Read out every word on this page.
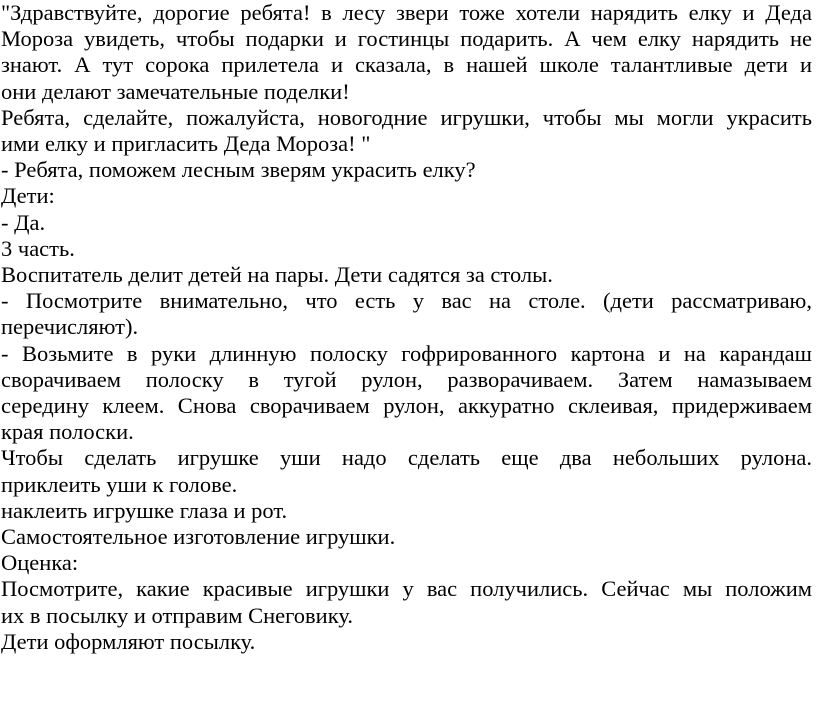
"Здравствуйте, дорогие ребята! в лесу звери тоже хотели нарядить елку и Деда
Мороза увидеть, чтобы подарки и гостинцы подарить. А чем елку нарядить не
знают. А тут сорока прилетела и сказала, в нашей школе талантливые дети и
они делают замечательные поделки!

Ребята, сделайте, пожалуйста, новогодние игрушки, чтобы мы могли украсить
ими елку и пригласить Деда Мороза! "

- Ребята, поможем лесным зверям украсить елку?

Дети:

- Да.

3 часть.

Воспитатель делит детей на пары. Дети садятся за столы.

- Посмотрите внимательно, что есть у вас на столе. (дети рассматриваю,
перечисляют).

- Возьмите в руки длинную полоску гофрированного картона и на карандаш
сворачиваем полоску в тугой рулон, разворачиваем. Затем намазываем
середину клеем. Снова сворачиваем рулон, аккуратно склеивая, придерживаем
края полоски.

Чтобы сделать игрушке уши надо сделать еще два небольших рулона.
приклеить уши к голове.

наклеить игрушке глаза и рот.

Самостоятельное изготовление игрушки.

Оценка:

Посмотрите, какие красивые игрушки у вас получились. Сейчас мы положим
их в посылку и отправим Снеговику.

Дети оформляют посылку.
